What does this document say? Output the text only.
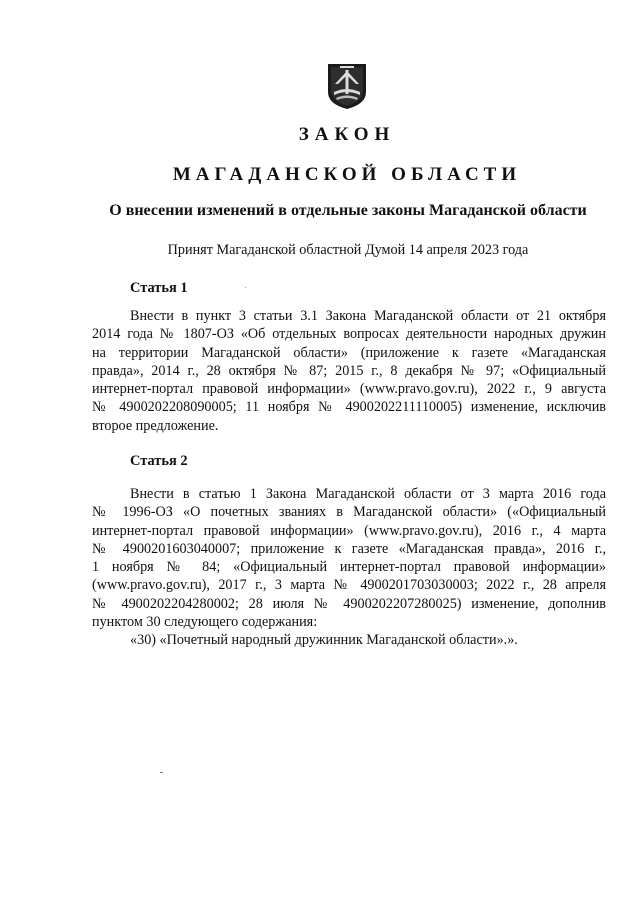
ЗАКОН
МАГАДАНСКОЙ ОБЛАСТИ
О внесении изменений в отдельные законы Магаданской области
Принят Магаданской областной Думой 14 апреля 2023 года
Статья 1
Внести в пункт 3 статьи 3.1 Закона Магаданской области от 21 октября
2014 года № 1807-ОЗ «Об отдельных вопросах деятельности народных дружин
на территории Магаданской области» (приложение к газете «Магаданская
правда», 2014 г., 28 октября № 87; 2015 г., 8 декабря № 97; «Официальный
интернет-портал правовой информации» (www.pravo.gov.ru), 2022 г., 9 августа
№ 4900202208090005; 11 ноября № 4900202211110005) изменение, исключив
второе предложение.
Статья 2
Внести в статью 1 Закона Магаданской области от 3 марта 2016 года
№ 1996-ОЗ «О почетных званиях в Магаданской области» («Официальный
интернет-портал правовой информации» (www.pravo.gov.ru), 2016 г., 4 марта
№ 4900201603040007; приложение к газете «Магаданская правда», 2016 г.,
1 ноября № 84; «Официальный интернет-портал правовой информации»
(www.pravo.gov.ru), 2017 г., 3 марта № 4900201703030003; 2022 г., 28 апреля
№ 4900202204280002; 28 июля № 4900202207280025) изменение, дополнив
пунктом 30 следующего содержания:
«30) «Почетный народный дружинник Магаданской области».».
